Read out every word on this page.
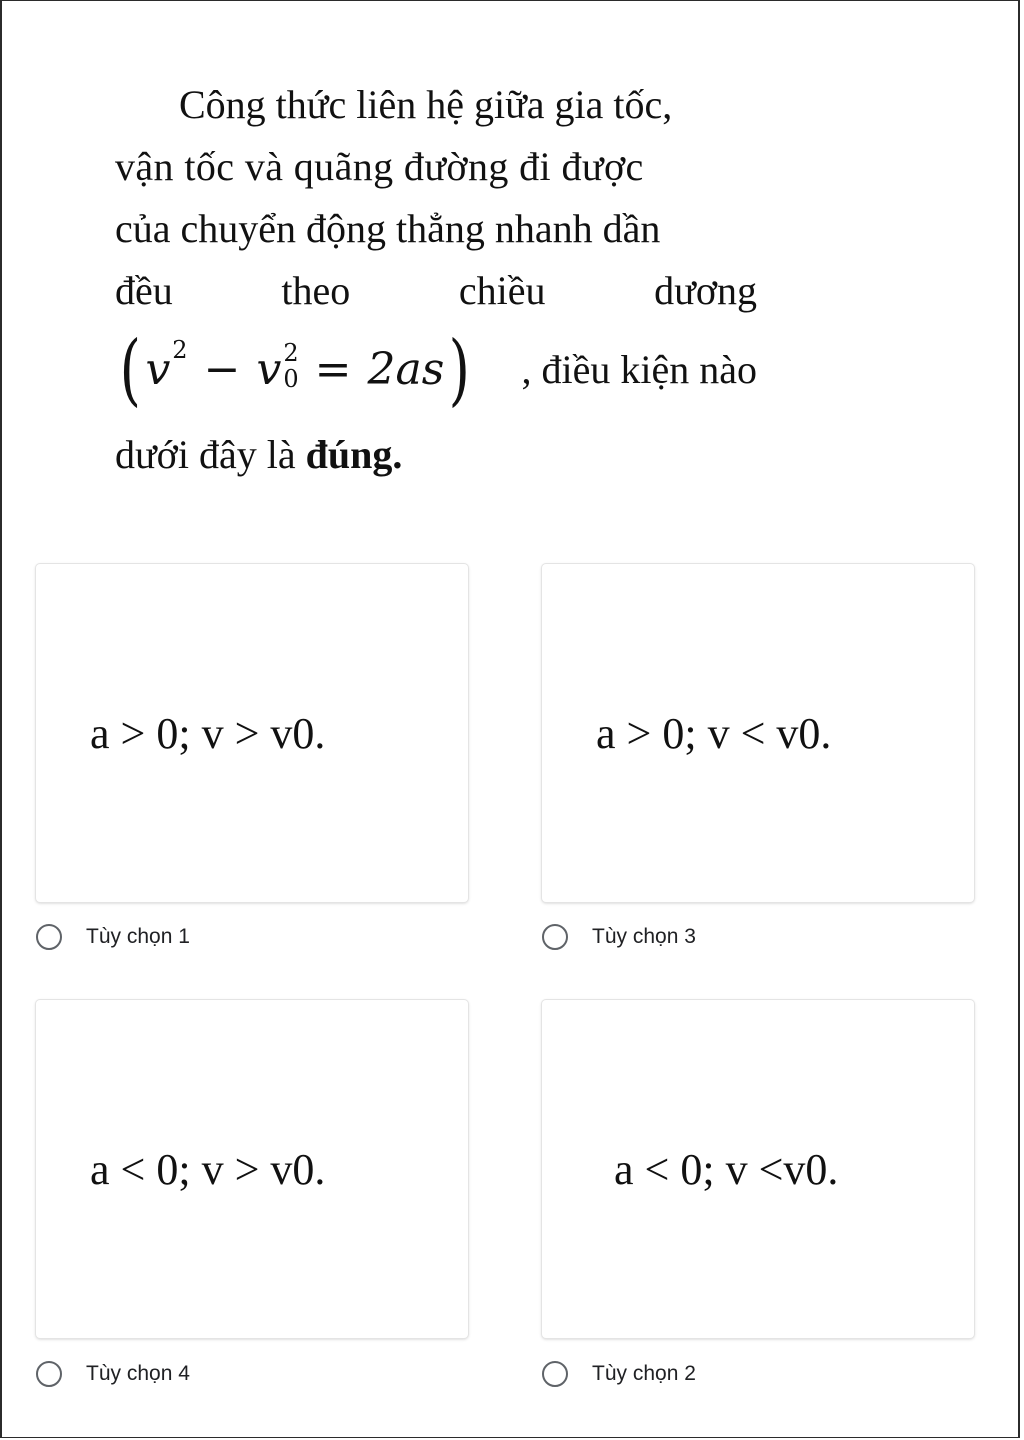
Công thức liên hệ giữa gia tốc,
vận tốc và quãng đường đi được
của chuyển động thẳng nhanh dần
đều	theo	chiều	dương
( v 2 − v 2
0 = 2as ) , điều kiện nào
dưới đây là đúng.
a > 0; v > v0.
Tùy chọn 1
a > 0; v < v0.
Tùy chọn 3
a < 0; v > v0.
Tùy chọn 4
a < 0; v <v0.
Tùy chọn 2
